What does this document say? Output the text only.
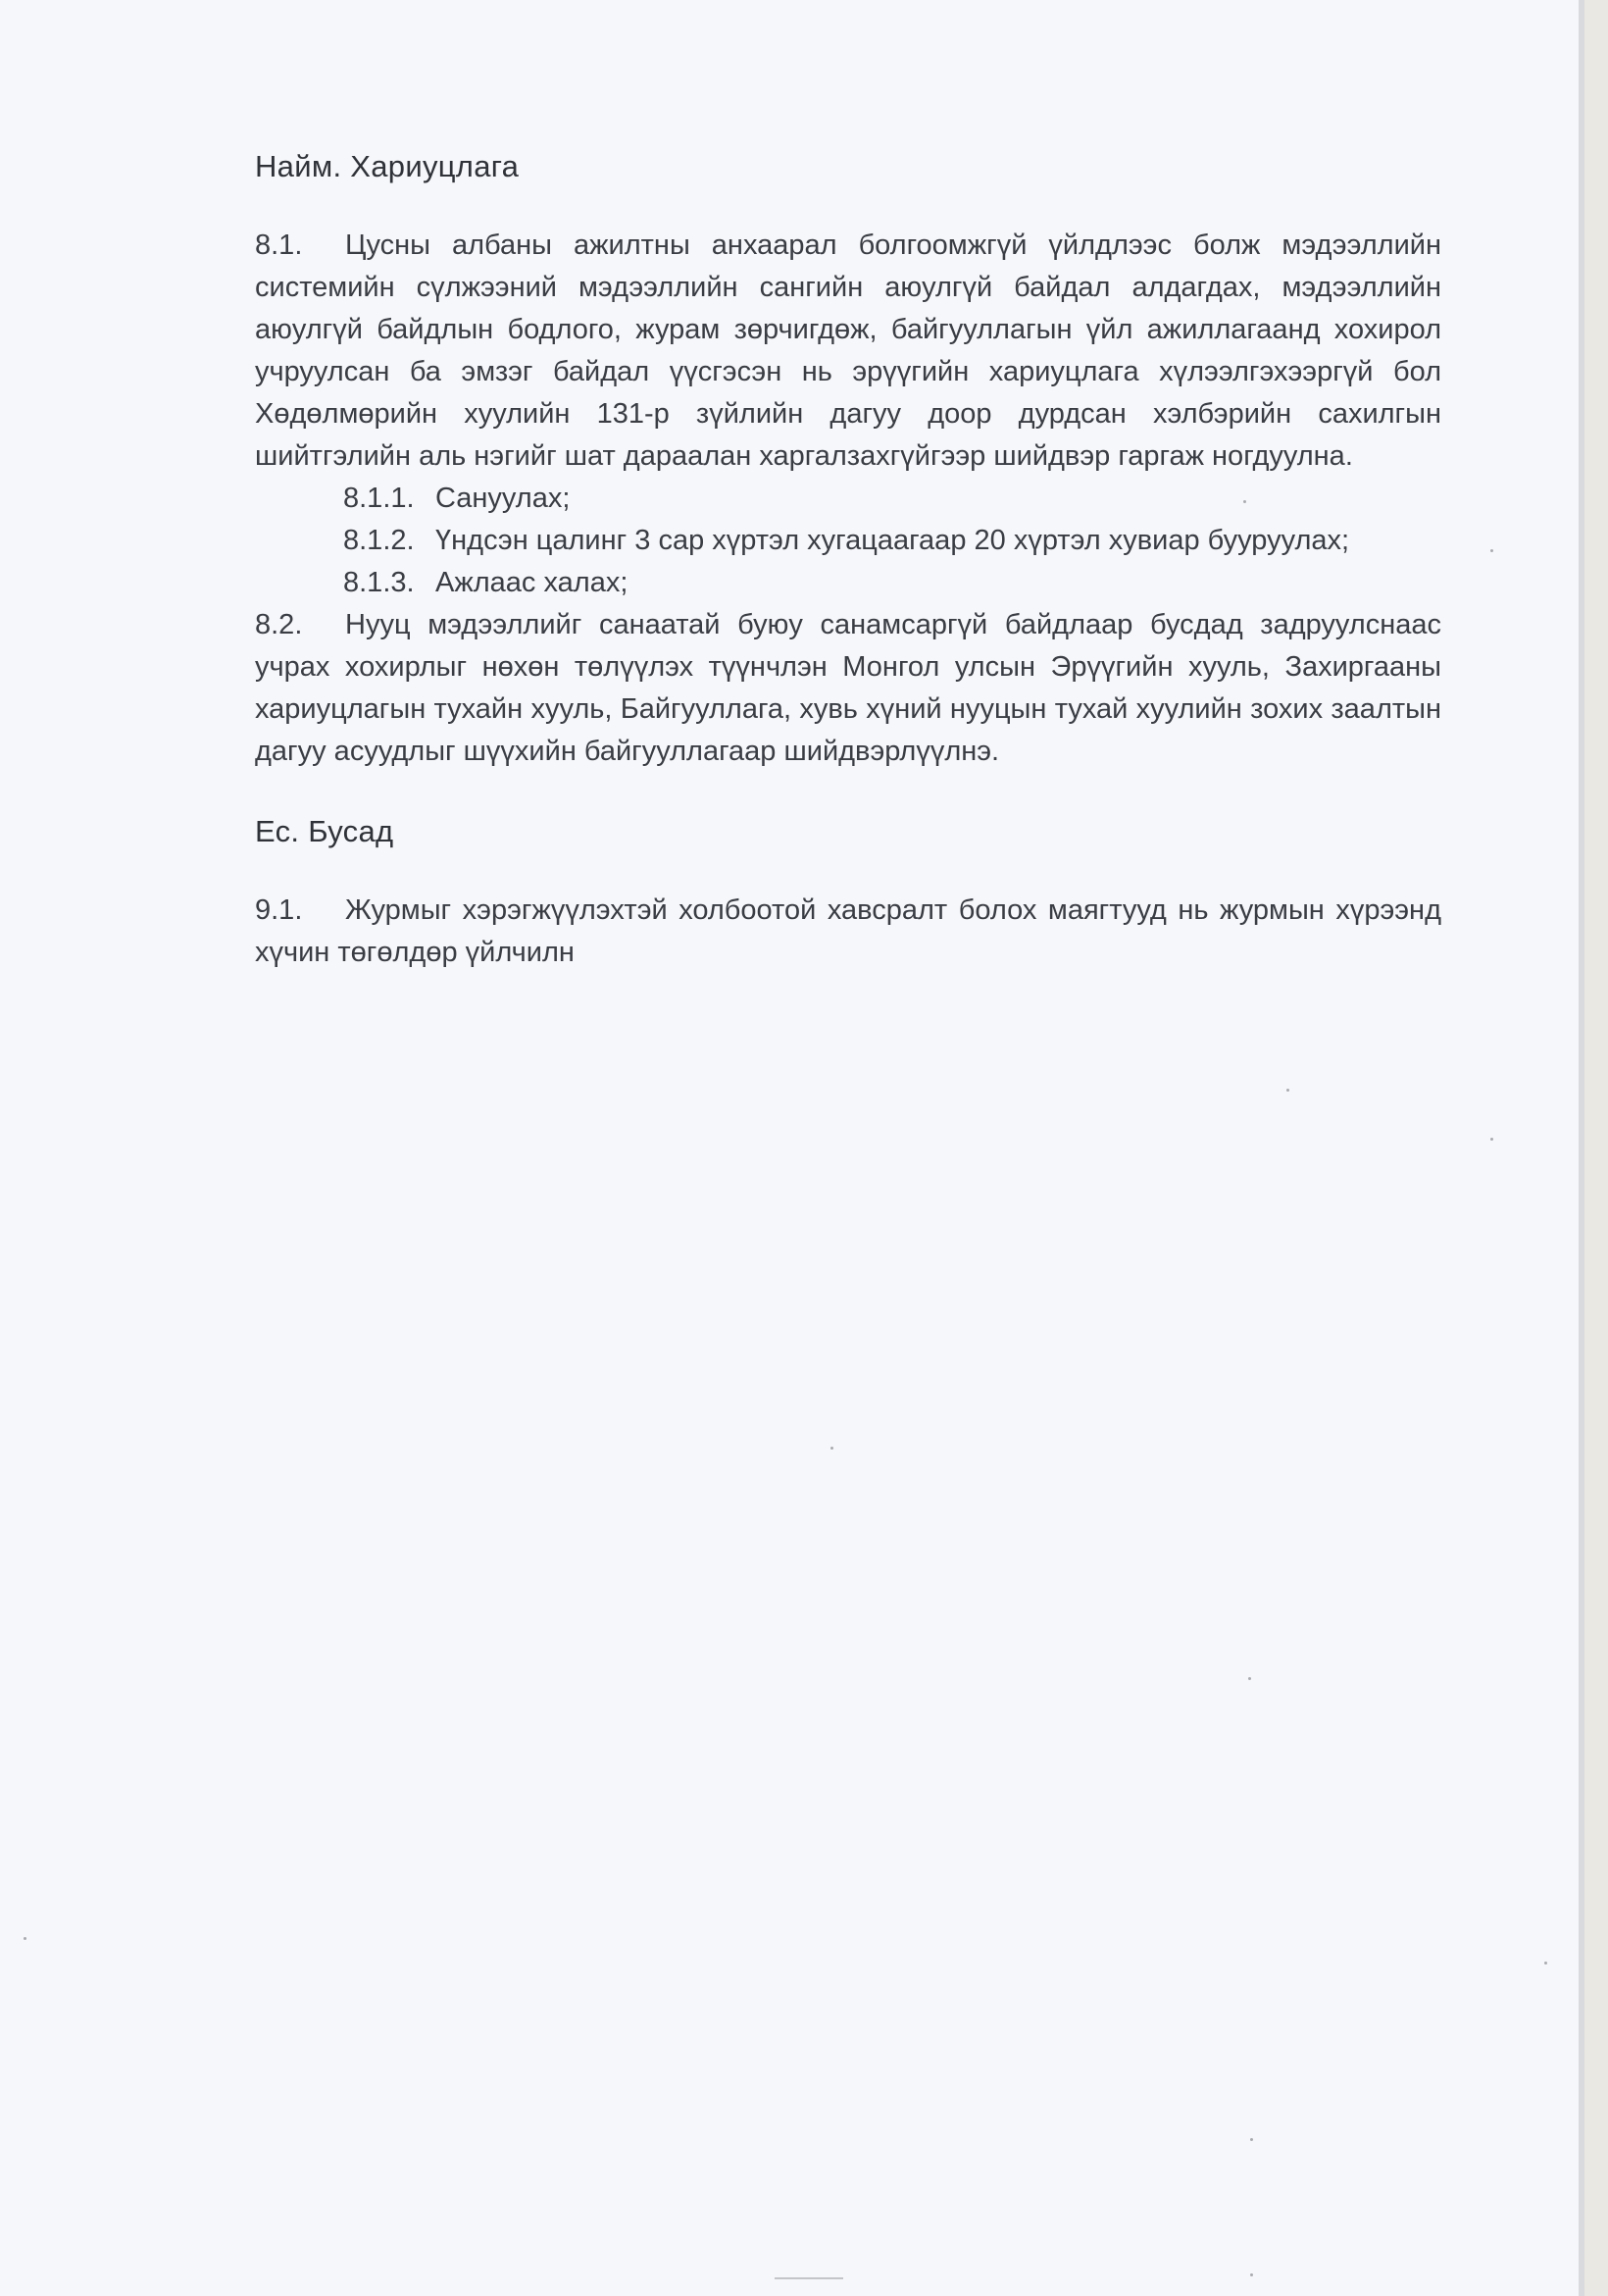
Найм. Хариуцлага

8.1. Цусны албаны ажилтны анхаарал болгоомжгүй үйлдлээс болж мэдээллийн системийн сүлжээний мэдээллийн сангийн аюулгүй байдал алдагдах, мэдээллийн аюулгүй байдлын бодлого, журам зөрчигдөж, байгууллагын үйл ажиллагаанд хохирол учруулсан ба эмзэг байдал үүсгэсэн нь эрүүгийн хариуцлага хүлээлгэхээргүй бол Хөдөлмөрийн хуулийн 131-р зүйлийн дагуу доор дурдсан хэлбэрийн сахилгын шийтгэлийн аль нэгийг шат дараалан харгалзахгүйгээр шийдвэр гаргаж ногдуулна.

8.1.1. Сануулах;
8.1.2. Үндсэн цалинг 3 сар хүртэл хугацаагаар 20 хүртэл хувиар бууруулах;
8.1.3. Ажлаас халах;

8.2. Нууц мэдээллийг санаатай буюу санамсаргүй байдлаар бусдад задруулснаас учрах хохирлыг нөхөн төлүүлэх түүнчлэн Монгол улсын Эрүүгийн хууль, Захиргааны хариуцлагын тухайн хууль, Байгууллага, хувь хүний нууцын тухай хуулийн зохих заалтын дагуу асуудлыг шүүхийн байгууллагаар шийдвэрлүүлнэ.

Ес. Бусад

9.1. Журмыг хэрэгжүүлэхтэй холбоотой хавсралт болох маягтууд нь журмын хүрээнд хүчин төгөлдөр үйлчилн
